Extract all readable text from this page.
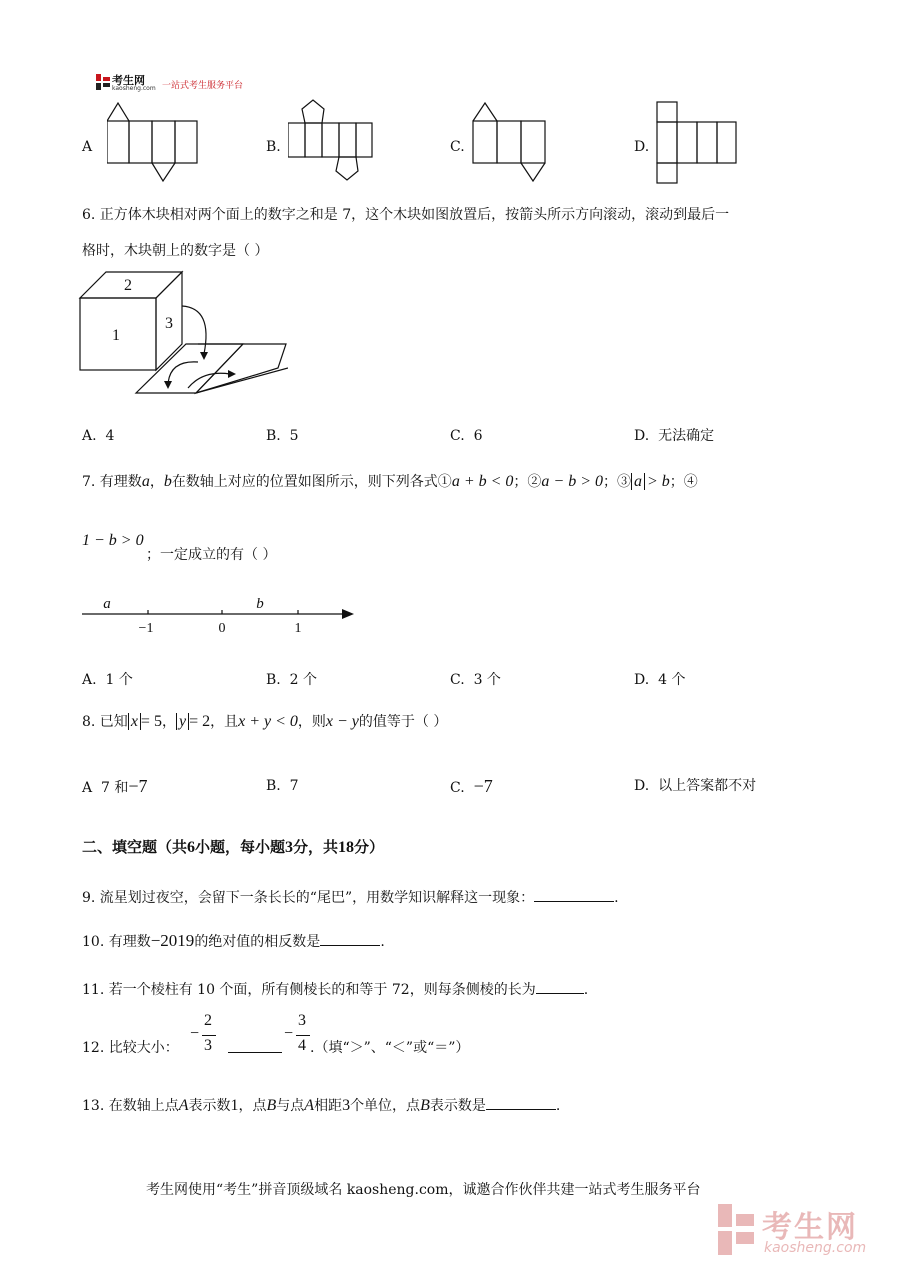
考生网
kaosheng.com 一站式考生服务平台
A	B.	C.	D.
6. 正方体木块相对两个面上的数字之和是 7，这个木块如图放置后，按箭头所示方向滚动，滚动到最后一
格时，木块朝上的数字是（ ）
2
1
3
A. 4	B. 5	C. 6	D. 无法确定
7. 有理数a，b在数轴上对应的位置如图所示，则下列各式①a + b < 0；②a − b > 0；③ a > b；④
1 − b > 0
；一定成立的有（ ）
a	b
−1	0	1
A. 1 个	B. 2 个	C. 3 个	D. 4 个
8. 已知 x = 5， y = 2，且x + y < 0，则x − y的值等于（ ）
A 7 和−7	B. 7	C. −7	D. 以上答案都不对
二、填空题（共6小题，每小题3分，共18分）
9. 流星划过夜空，会留下一条长长的“尾巴”，用数学知识解释这一现象：	.
10. 有理数−2019的绝对值的相反数是	.
11. 若一个棱柱有 10 个面，所有侧棱长的和等于 72，则每条侧棱的长为	.
12. 比较大小：
−
2
3
−
3
4 .（填“＞”、“＜”或“＝”）
13. 在数轴上点A表示数1，点B与点A相距3个单位，点B表示数是	.
考生网使用“考生”拼音顶级域名 kaosheng.com，诚邀合作伙伴共建一站式考生服务平台
考生网
kaosheng.com
